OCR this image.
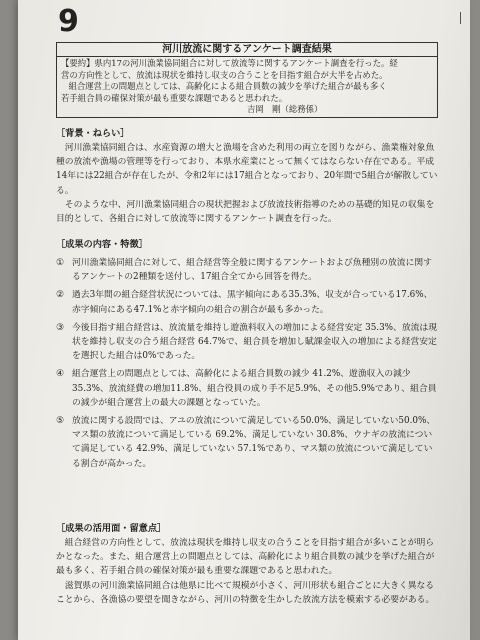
9
河川放流に関するアンケート調査結果

【要約】県内17の河川漁業協同組合に対して放流等に関するアンケート調査を行った。経

営の方向性として、放流は現状を維持し収支の合うことを目指す組合が大半を占めた。

組合運営上の問題点としては、高齢化による組合員数の減少を挙げた組合が最も多く

若手組合員の確保対策が最も重要な課題であると思われた。

吉岡　剛（総務係）

［背景・ねらい］

河川漁業協同組合は、水産資源の増大と漁場を含めた利用の両立を図りながら、漁業権対象魚種の放流や漁場の管理等を行っており、本県水産業にとって無くてはならない存在である。平成14年には22組合が存在したが、令和2年には17組合となっており、20年間で5組合が解散している。

そのような中、河川漁業協同組合の現状把握および放流技術指導のための基礎的知見の収集を目的として、各組合に対して放流等に関するアンケート調査を行った。

［成果の内容・特徴］

① 河川漁業協同組合に対して、組合経営等全般に関するアンケートおよび魚種別の放流に関するアンケートの2種類を送付し、17組合全てから回答を得た。
② 過去3年間の組合経営状況については、黒字傾向にある35.3%、収支が合っている17.6%、赤字傾向にある47.1%と赤字傾向の組合の割合が最も多かった。
③ 今後目指す組合経営は、放流量を維持し遊漁料収入の増加による経営安定 35.3%、放流は現状を維持し収支の合う組合経営 64.7%で、組合員を増加し賦課金収入の増加による経営安定を選択した組合は0%であった。
④ 組合運営上の問題点としては、高齢化による組合員数の減少 41.2%、遊漁収入の減少 35.3%、放流経費の増加11.8%、組合役員の成り手不足5.9%、その他5.9%であり、組合員の減少が組合運営上の最大の課題となっていた。
⑤ 放流に関する設問では、アユの放流について満足している50.0%、満足していない50.0%、マス類の放流について満足している 69.2%、満足していない 30.8%、ウナギの放流について満足している 42.9%、満足していない 57.1%であり、マス類の放流について満足している割合が高かった。

［成果の活用面・留意点］

組合経営の方向性として、放流は現状を維持し収支の合うことを目指す組合が多いことが明らかとなった。また、組合運営上の問題点としては、高齢化により組合員数の減少を挙げた組合が最も多く、若手組合員の確保対策が最も重要な課題であると思われた。

滋賀県の河川漁業協同組合は他県に比べて規模が小さく、河川形状も組合ごとに大きく異なることから、各漁協の要望を聞きながら、河川の特徴を生かした放流方法を模索する必要がある。
